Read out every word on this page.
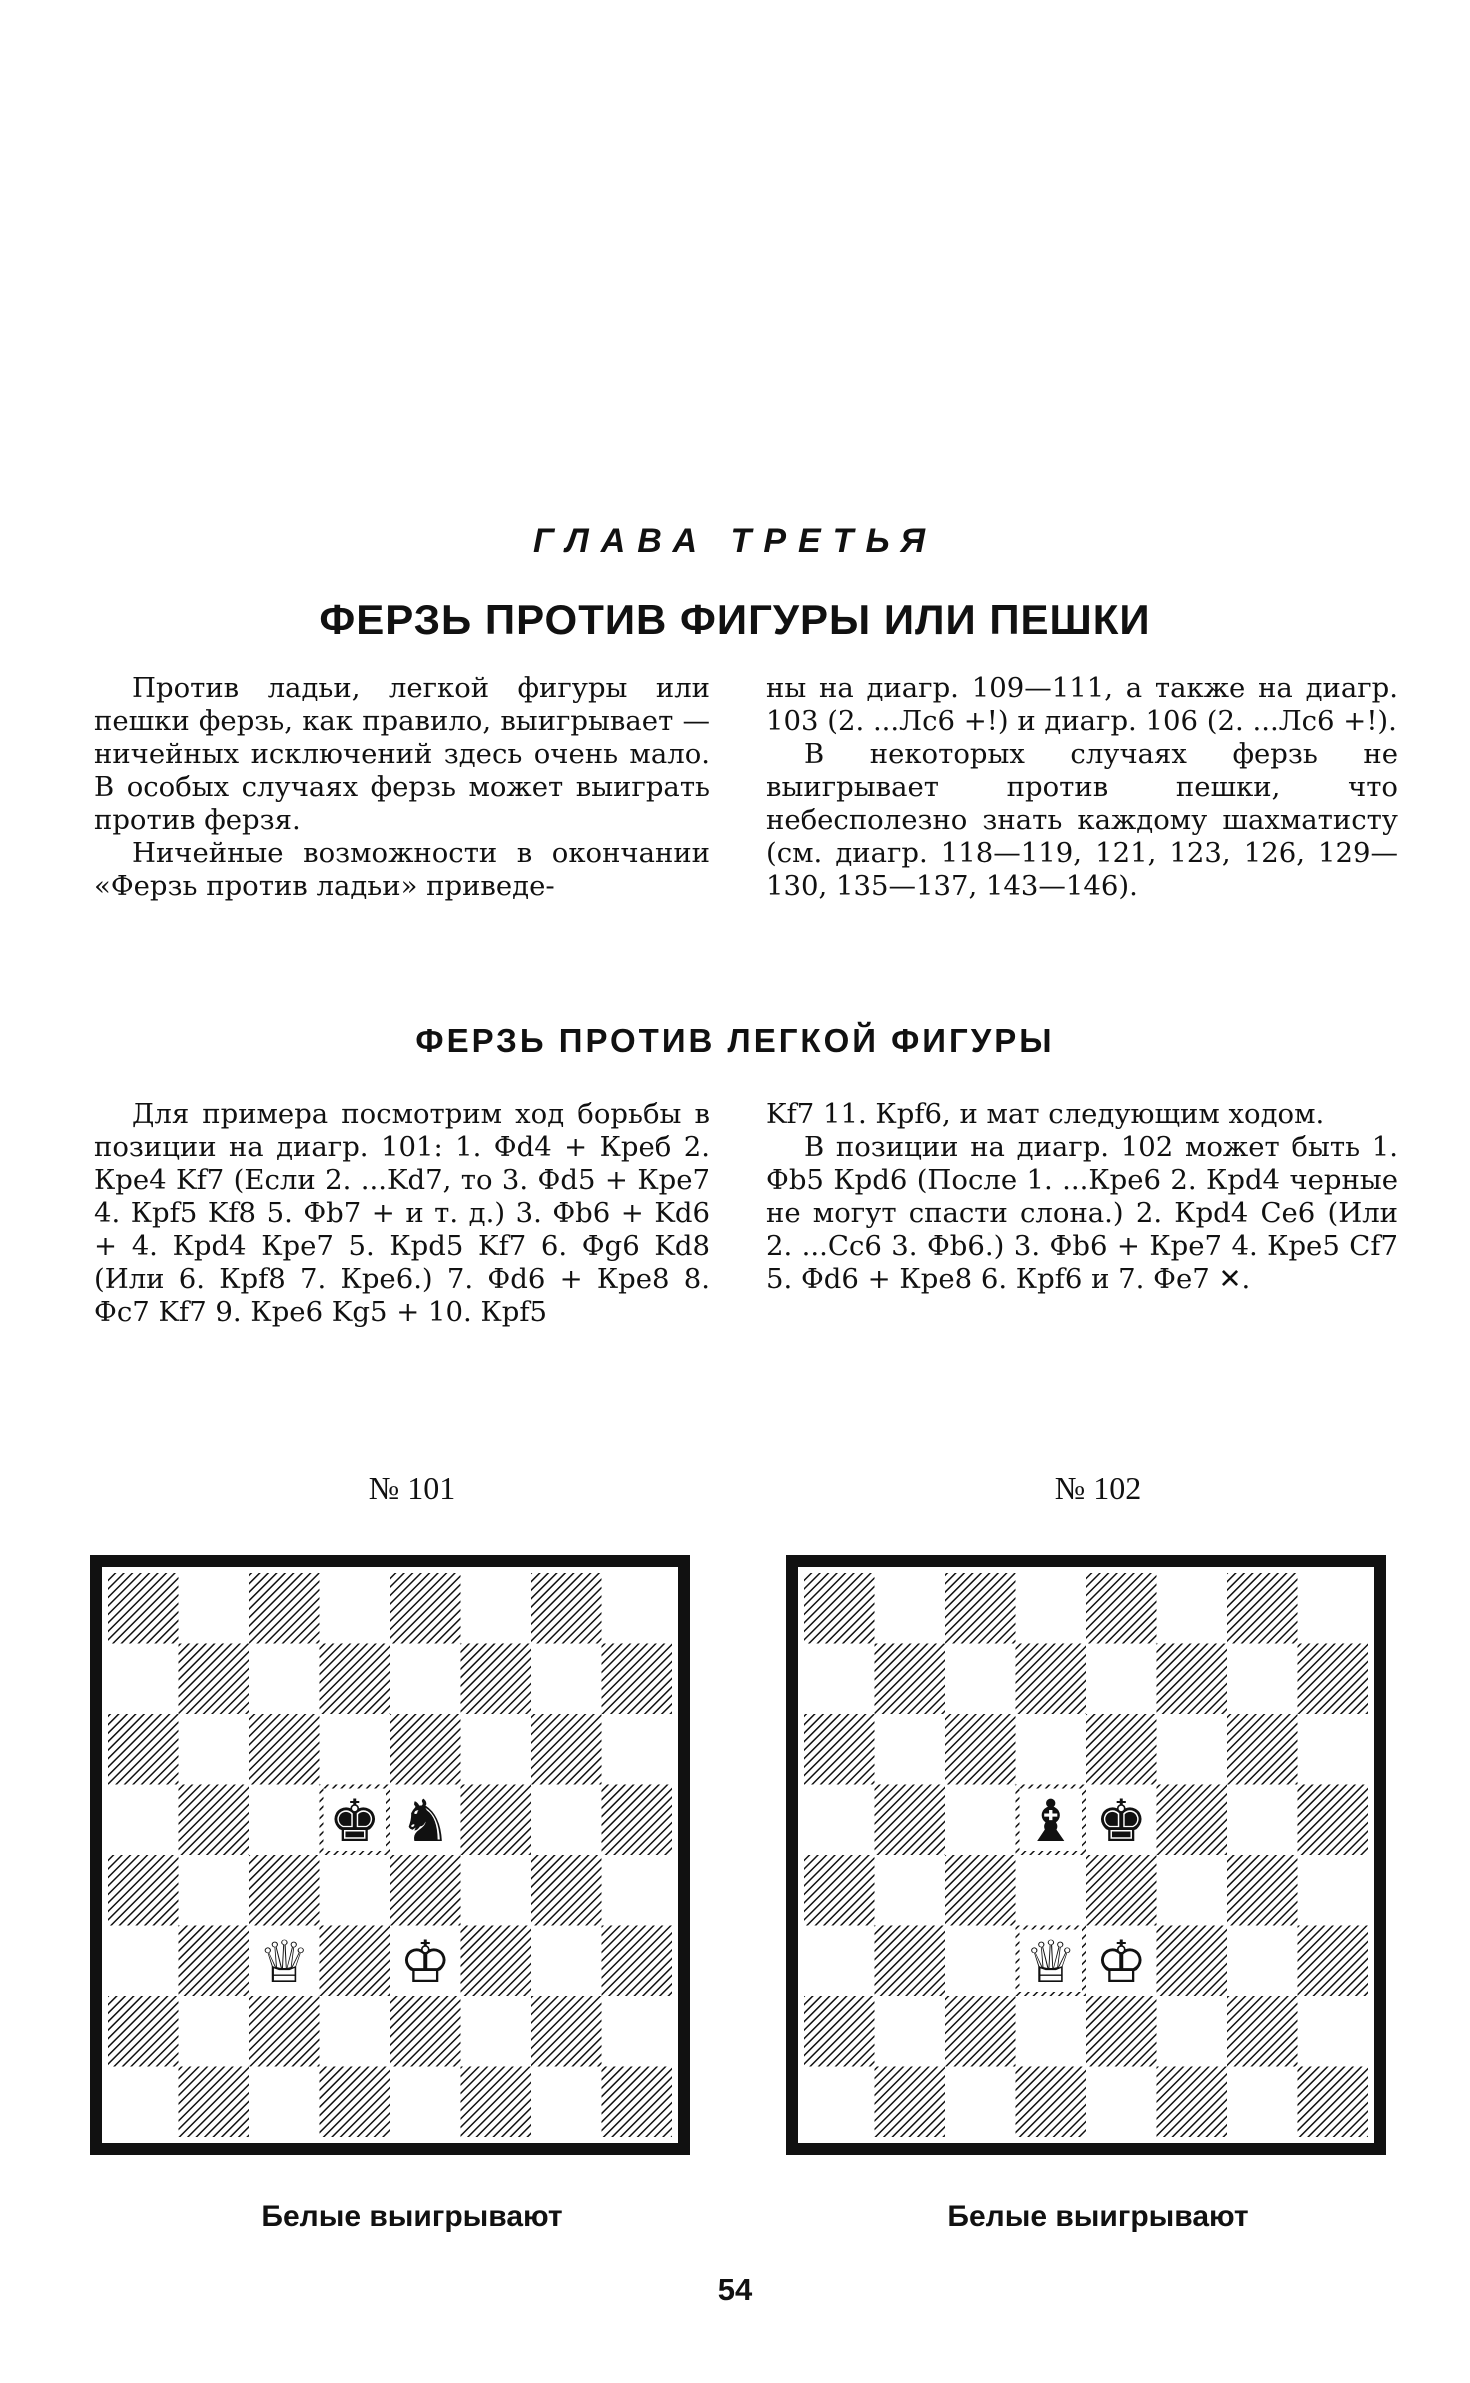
ГЛАВА ТРЕТЬЯ
ФЕРЗЬ ПРОТИВ ФИГУРЫ ИЛИ ПЕШКИ

Против ладьи, легкой фигуры или пешки ферзь, как правило, выигрывает — ничейных исключений здесь очень мало. В особых случаях ферзь может выиграть против ферзя.

Ничейные возможности в окончании «Ферзь против ладьи» приведе-

ны на диагр. 109—111, а также на диагр. 103 (2. ...Лс6 +!) и диагр. 106 (2. ...Лс6 +!).

В некоторых случаях ферзь не выигрывает против пешки, что небесполезно знать каждому шахматисту (см. диагр. 118—119, 121, 123, 126, 129—130, 135—137, 143—146).

ФЕРЗЬ ПРОТИВ ЛЕГКОЙ ФИГУРЫ

Для примера посмотрим ход борьбы в позиции на диагр. 101: 1. Фd4 + Креб 2. Кре4 Kf7 (Если 2. ...Kd7, то 3. Фd5 + Кре7 4. Крf5 Kf8 5. Фb7 + и т. д.) 3. Фb6 + Kd6 + 4. Кpd4 Кpe7 5. Кpd5 Kf7 6. Фg6 Kd8 (Или 6. Кpf8 7. Кpe6.) 7. Фd6 + Кpe8 8. Фс7 Kf7 9. Кpe6 Kg5 + 10. Кpf5

Kf7 11. Кpf6, и мат следующим ходом.

В позиции на диагр. 102 может быть 1. Фb5 Кpd6 (После 1. ...Кpe6 2. Кpd4 черные не могут спасти слона.) 2. Кpd4 Сe6 (Или 2. ...Сc6 3. Фb6.) 3. Фb6 + Кpe7 4. Кpe5 Сf7 5. Фd6 + Кpe8 6. Кpf6 и 7. Фe7 ✕.

№ 101	№ 102
♚ ♞
♕ ♔
♝ ♚
♕ ♔
Белые выигрывают	Белые выигрывают
54
